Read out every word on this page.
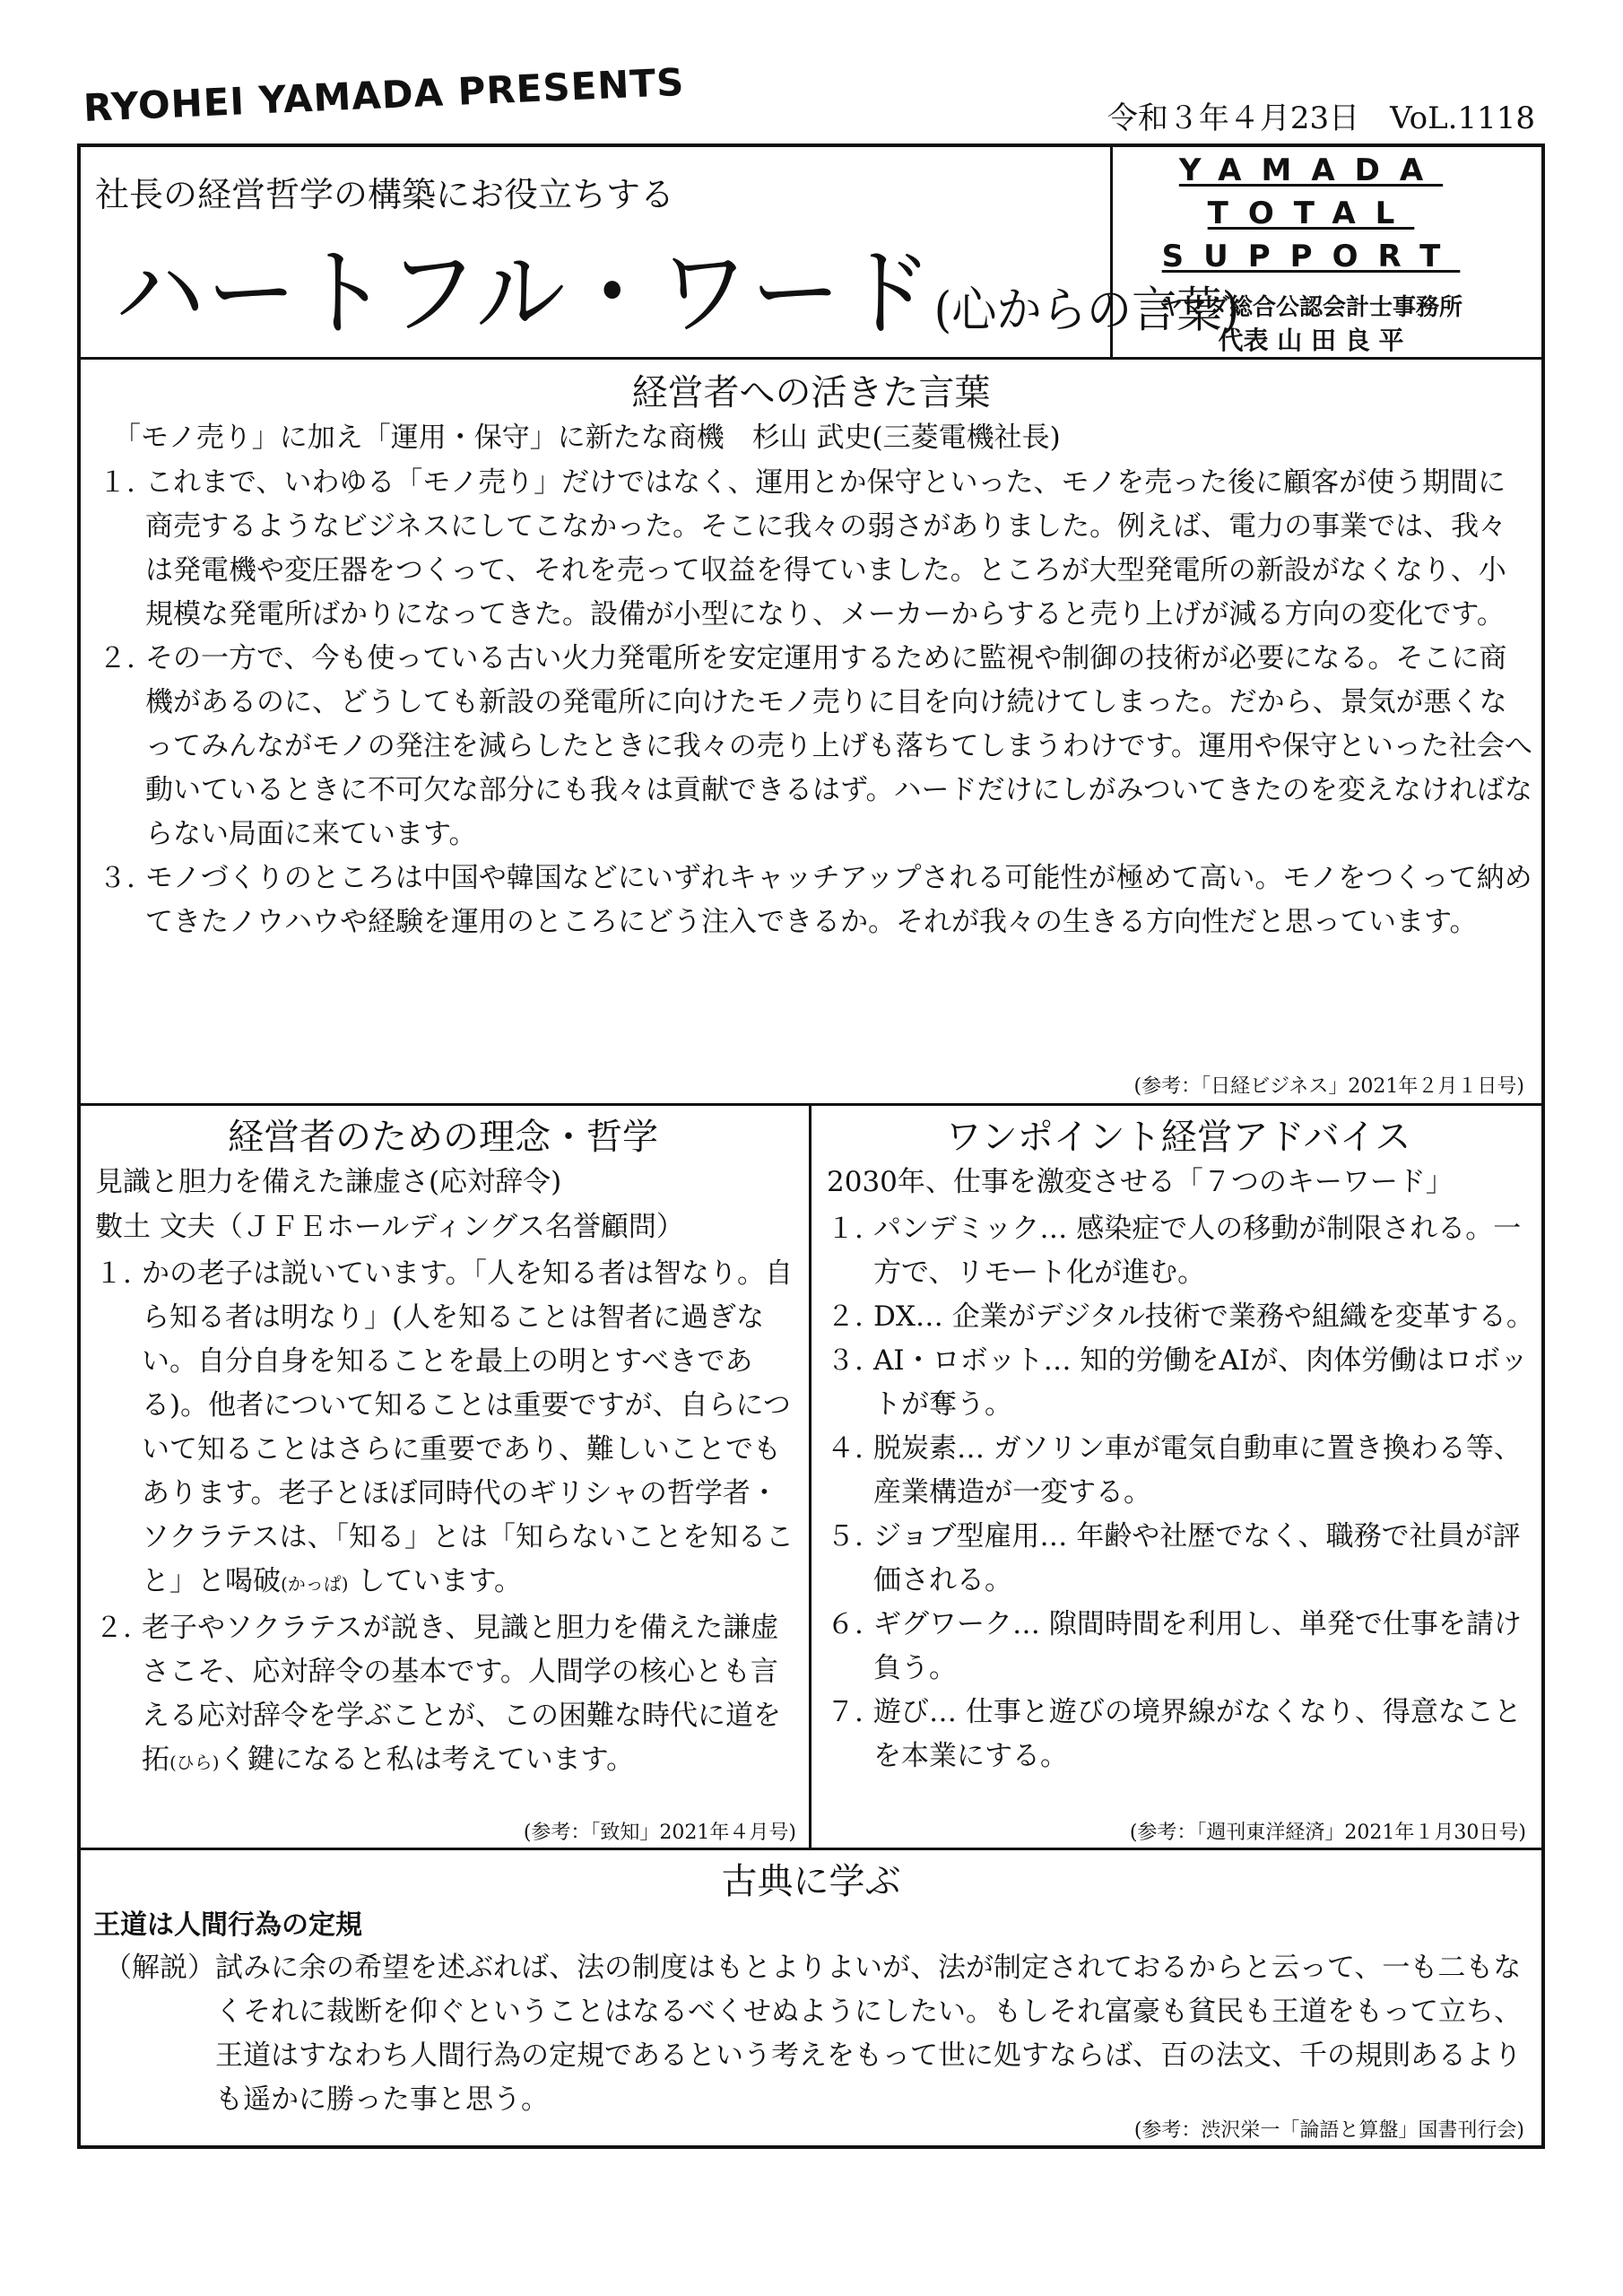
RYOHEI YAMADA PRESENTS	令和３年４月23日　VoL.1118
社長の経営哲学の構築にお役立ちする
ハートフル・ワード(心からの言葉)
YAMADA
TOTAL
SUPPORT
ヤマダ総合公認会計士事務所
代表 山 田 良 平
経営者への活きた言葉
「モノ売り」に加え「運用・保守」に新たな商機　杉山 武史(三菱電機社長)
１. これまで、いわゆる「モノ売り」だけではなく、運用とか保守といった、モノを売った後に顧客が使う期間に商売するようなビジネスにしてこなかった。そこに我々の弱さがありました。例えば、電力の事業では、我々は発電機や変圧器をつくって、それを売って収益を得ていました。ところが大型発電所の新設がなくなり、小規模な発電所ばかりになってきた。設備が小型になり、メーカーからすると売り上げが減る方向の変化です。
２. その一方で、今も使っている古い火力発電所を安定運用するために監視や制御の技術が必要になる。そこに商機があるのに、どうしても新設の発電所に向けたモノ売りに目を向け続けてしまった。だから、景気が悪くなってみんながモノの発注を減らしたときに我々の売り上げも落ちてしまうわけです。運用や保守といった社会へ動いているときに不可欠な部分にも我々は貢献できるはず。ハードだけにしがみついてきたのを変えなければならない局面に来ています。
３. モノづくりのところは中国や韓国などにいずれキャッチアップされる可能性が極めて高い。モノをつくって納めてきたノウハウや経験を運用のところにどう注入できるか。それが我々の生きる方向性だと思っています。
(参考：「日経ビジネス」2021年２月１日号)
経営者のための理念・哲学
見識と胆力を備えた謙虚さ(応対辞令)
數土 文夫（ＪＦＥホールディングス名誉顧問）
１. かの老子は説いています。「人を知る者は智なり。自ら知る者は明なり」(人を知ることは智者に過ぎない。自分自身を知ることを最上の明とすべきである)。他者について知ることは重要ですが、自らについて知ることはさらに重要であり、難しいことでもあります。老子とほぼ同時代のギリシャの哲学者・ソクラテスは、「知る」とは「知らないことを知ること」と喝破(かっぱ) しています。
２. 老子やソクラテスが説き、見識と胆力を備えた謙虚さこそ、応対辞令の基本です。人間学の核心とも言える応対辞令を学ぶことが、この困難な時代に道を拓(ひら)く鍵になると私は考えています。
(参考：「致知」2021年４月号)
ワンポイント経営アドバイス
2030年、仕事を激変させる「７つのキーワード」
１. パンデミック… 感染症で人の移動が制限される。一方で、リモート化が進む。
２. DX… 企業がデジタル技術で業務や組織を変革する。
３. AI・ロボット… 知的労働をAIが、肉体労働はロボットが奪う。
４. 脱炭素… ガソリン車が電気自動車に置き換わる等、産業構造が一変する。
５. ジョブ型雇用… 年齢や社歴でなく、職務で社員が評価される。
６. ギグワーク… 隙間時間を利用し、単発で仕事を請け負う。
７. 遊び… 仕事と遊びの境界線がなくなり、得意なことを本業にする。
(参考：「週刊東洋経済」2021年１月30日号)
古典に学ぶ
王道は人間行為の定規
（解説） 試みに余の希望を述ぶれば、法の制度はもとよりよいが、法が制定されておるからと云って、一も二もなくそれに裁断を仰ぐということはなるべくせぬようにしたい。もしそれ富豪も貧民も王道をもって立ち、王道はすなわち人間行為の定規であるという考えをもって世に処すならば、百の法文、千の規則あるよりも遥かに勝った事と思う。
(参考：渋沢栄一「論語と算盤」国書刊行会)
